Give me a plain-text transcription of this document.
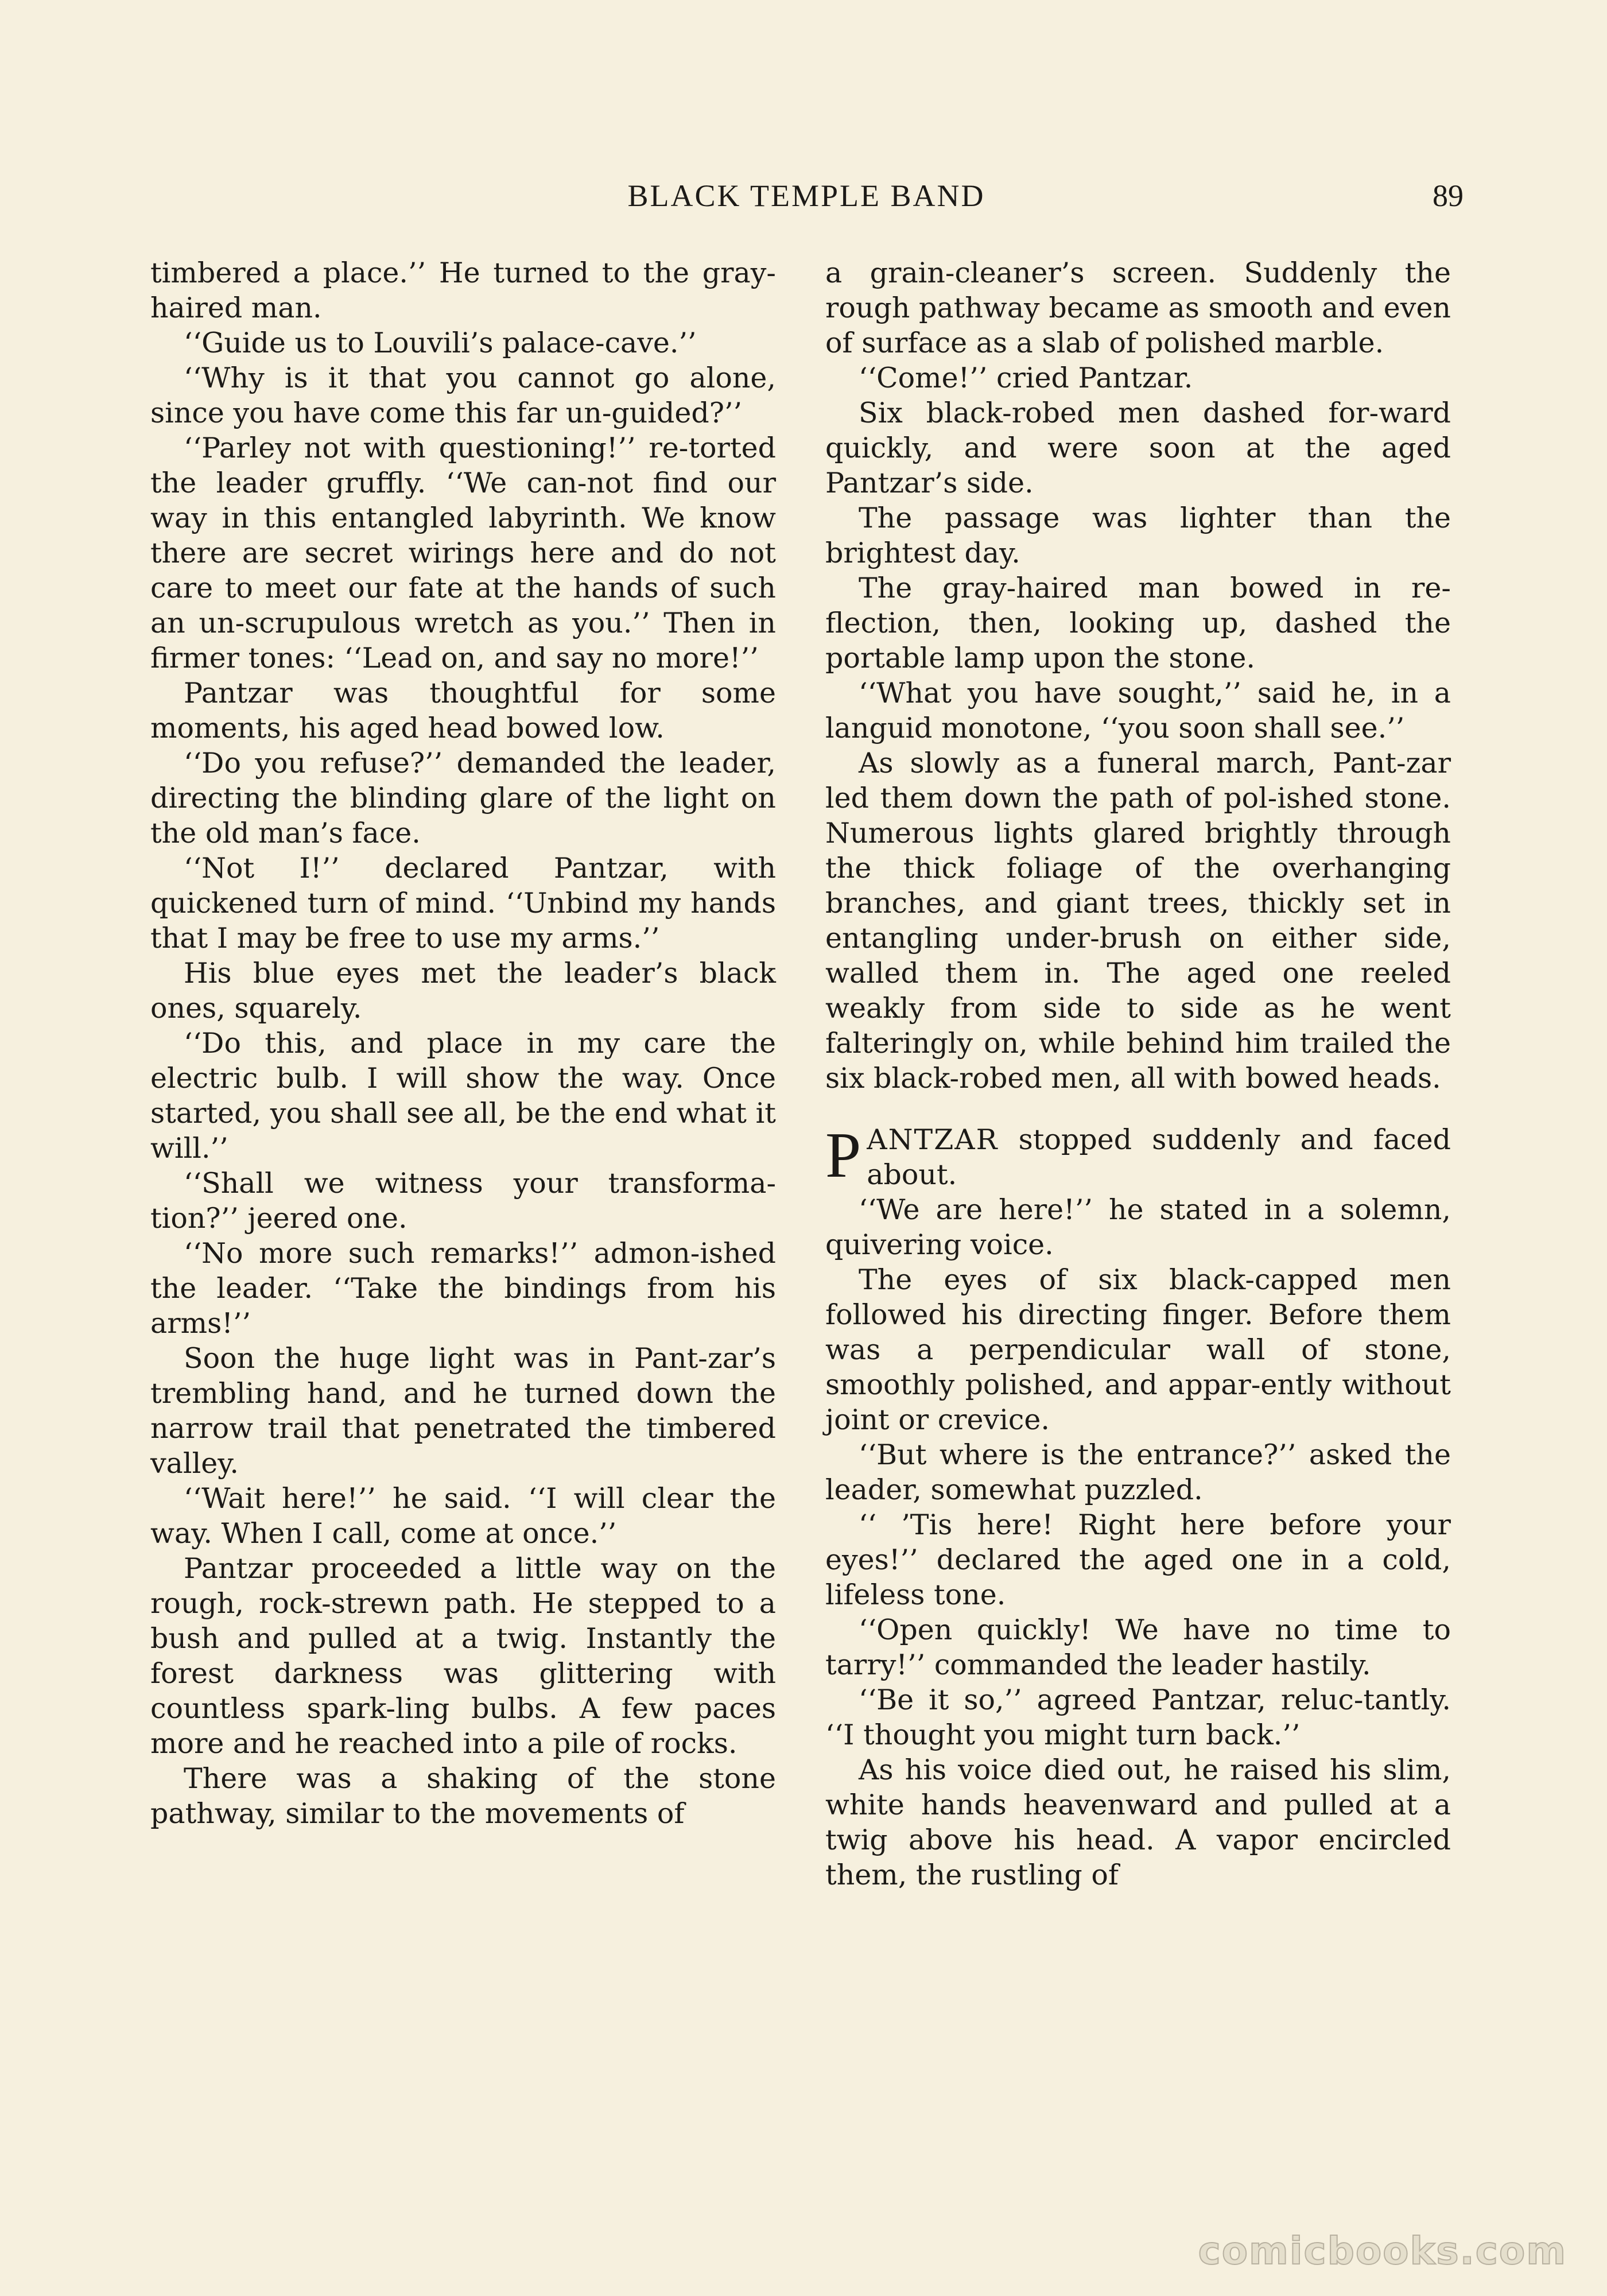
BLACK TEMPLE BAND	89

timbered a place.’’ He turned to the gray-haired man.

‘‘Guide us to Louvili’s palace-cave.’’

‘‘Why is it that you cannot go alone, since you have come this far un-guided?’’

‘‘Parley not with questioning!’’ re-torted the leader gruffly. ‘‘We can-not find our way in this entangled labyrinth. We know there are secret wirings here and do not care to meet our fate at the hands of such an un-scrupulous wretch as you.’’ Then in firmer tones: ‘‘Lead on, and say no more!’’

Pantzar was thoughtful for some moments, his aged head bowed low.

‘‘Do you refuse?’’ demanded the leader, directing the blinding glare of the light on the old man’s face.

‘‘Not I!’’ declared Pantzar, with quickened turn of mind. ‘‘Unbind my hands that I may be free to use my arms.’’

His blue eyes met the leader’s black ones, squarely.

‘‘Do this, and place in my care the electric bulb. I will show the way. Once started, you shall see all, be the end what it will.’’

‘‘Shall we witness your transforma-tion?’’ jeered one.

‘‘No more such remarks!’’ admon-ished the leader. ‘‘Take the bindings from his arms!’’

Soon the huge light was in Pant-zar’s trembling hand, and he turned down the narrow trail that penetrated the timbered valley.

‘‘Wait here!’’ he said. ‘‘I will clear the way. When I call, come at once.’’

Pantzar proceeded a little way on the rough, rock-strewn path. He stepped to a bush and pulled at a twig. Instantly the forest darkness was glittering with countless spark-ling bulbs. A few paces more and he reached into a pile of rocks.

There was a shaking of the stone pathway, similar to the movements of

a grain-cleaner’s screen. Suddenly the rough pathway became as smooth and even of surface as a slab of polished marble.

‘‘Come!’’ cried Pantzar.

Six black-robed men dashed for-ward quickly, and were soon at the aged Pantzar’s side.

The passage was lighter than the brightest day.

The gray-haired man bowed in re-flection, then, looking up, dashed the portable lamp upon the stone.

‘‘What you have sought,’’ said he, in a languid monotone, ‘‘you soon shall see.’’

As slowly as a funeral march, Pant-zar led them down the path of pol-ished stone. Numerous lights glared brightly through the thick foliage of the overhanging branches, and giant trees, thickly set in entangling under-brush on either side, walled them in. The aged one reeled weakly from side to side as he went falteringly on, while behind him trailed the six black-robed men, all with bowed heads.

PANTZAR stopped suddenly and faced about.

‘‘We are here!’’ he stated in a solemn, quivering voice.

The eyes of six black-capped men followed his directing finger. Before them was a perpendicular wall of stone, smoothly polished, and appar-ently without joint or crevice.

‘‘But where is the entrance?’’ asked the leader, somewhat puzzled.

‘‘ ’Tis here! Right here before your eyes!’’ declared the aged one in a cold, lifeless tone.

‘‘Open quickly! We have no time to tarry!’’ commanded the leader hastily.

‘‘Be it so,’’ agreed Pantzar, reluc-tantly. ‘‘I thought you might turn back.’’

As his voice died out, he raised his slim, white hands heavenward and pulled at a twig above his head. A vapor encircled them, the rustling of

comicbooks.com
